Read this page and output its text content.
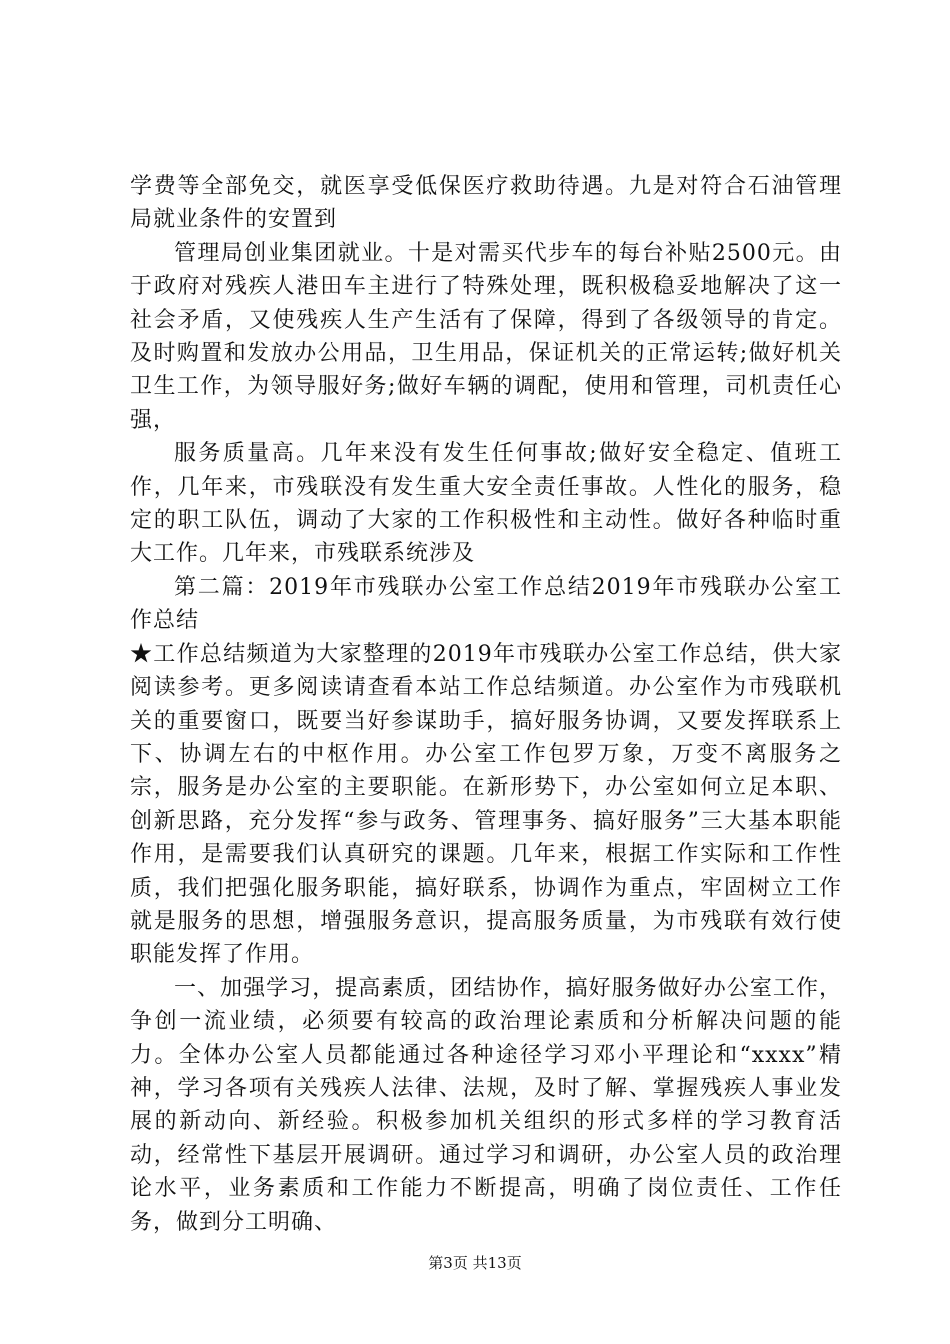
学费等全部免交，就医享受低保医疗救助待遇。九是对符合石油管理局就业条件的安置到

管理局创业集团就业。十是对需买代步车的每台补贴2500元。由于政府对残疾人港田车主进行了特殊处理，既积极稳妥地解决了这一社会矛盾，又使残疾人生产生活有了保障，得到了各级领导的肯定。及时购置和发放办公用品，卫生用品，保证机关的正常运转;做好机关卫生工作，为领导服好务;做好车辆的调配，使用和管理，司机责任心强，

服务质量高。几年来没有发生任何事故;做好安全稳定、值班工作，几年来，市残联没有发生重大安全责任事故。人性化的服务，稳定的职工队伍，调动了大家的工作积极性和主动性。做好各种临时重大工作。几年来，市残联系统涉及

第二篇：2019年市残联办公室工作总结2019年市残联办公室工作总结

★工作总结频道为大家整理的2019年市残联办公室工作总结，供大家阅读参考。更多阅读请查看本站工作总结频道。办公室作为市残联机关的重要窗口，既要当好参谋助手，搞好服务协调，又要发挥联系上下、协调左右的中枢作用。办公室工作包罗万象，万变不离服务之宗，服务是办公室的主要职能。在新形势下，办公室如何立足本职、创新思路，充分发挥“参与政务、管理事务、搞好服务”三大基本职能作用，是需要我们认真研究的课题。几年来，根据工作实际和工作性质，我们把强化服务职能，搞好联系，协调作为重点，牢固树立工作就是服务的思想，增强服务意识，提高服务质量，为市残联有效行使职能发挥了作用。

一、加强学习，提高素质，团结协作，搞好服务做好办公室工作，争创一流业绩，必须要有较高的政治理论素质和分析解决问题的能力。全体办公室人员都能通过各种途径学习邓小平理论和“xxxx”精神，学习各项有关残疾人法律、法规，及时了解、掌握残疾人事业发展的新动向、新经验。积极参加机关组织的形式多样的学习教育活动，经常性下基层开展调研。通过学习和调研，办公室人员的政治理论水平，业务素质和工作能力不断提高，明确了岗位责任、工作任务，做到分工明确、

第3页 共13页
